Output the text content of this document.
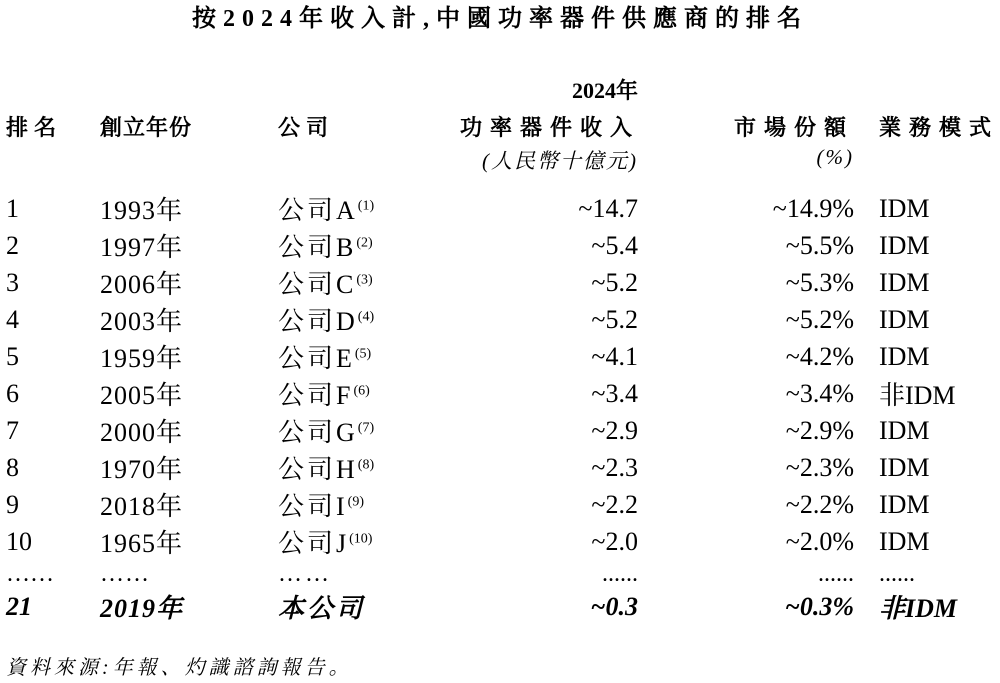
按2024年收入計,中國功率器件供應商的排名
			2024年		
排名	創立年份	公司	功率器件收入	市場份額	業務模式
			(人民幣十億元)	(%)	
1	1993年	公司A$^{(1)}$	~14.7	~14.9%	IDM
2	1997年	公司B$^{(2)}$	~5.4	~5.5%	IDM
3	2006年	公司C$^{(3)}$	~5.2	~5.3%	IDM
4	2003年	公司D$^{(4)}$	~5.2	~5.2%	IDM
5	1959年	公司E$^{(5)}$	~4.1	~4.2%	IDM
6	2005年	公司F$^{(6)}$	~3.4	~3.4%	非IDM
7	2000年	公司G$^{(7)}$	~2.9	~2.9%	IDM
8	1970年	公司H$^{(8)}$	~2.3	~2.3%	IDM
9	2018年	公司I$^{(9)}$	~2.2	~2.2%	IDM
10	1965年	公司J$^{(10)}$	~2.0	~2.0%	IDM
……	……	……	......	......	......
21	2019年	本公司	~0.3	~0.3%	非IDM
資料來源:年報、灼識諮詢報告。
